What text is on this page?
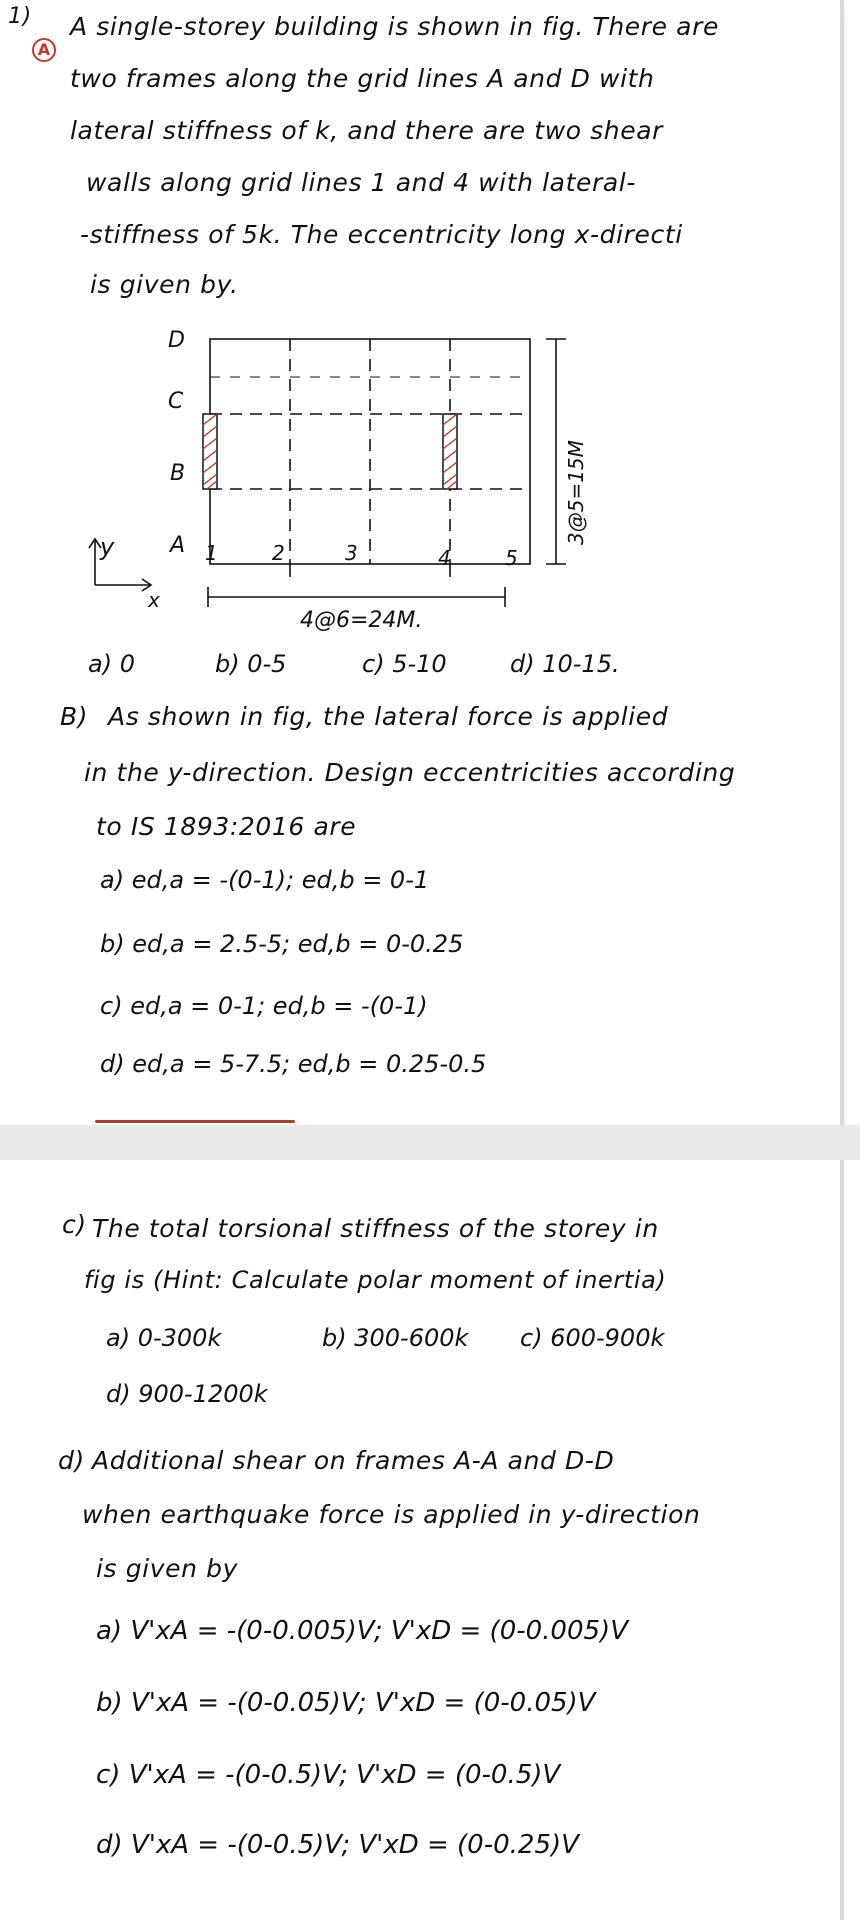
1)
A
A single-storey building is shown in fig. There are
two frames along the grid lines A and D with
lateral stiffness of k, and there are two shear
walls along grid lines 1 and 4 with lateral-
-stiffness of 5k. The eccentricity long x-directi
is given by.
D
C
B
A 1	2	3	4	5
3@5=15M
4@6=24M.
y
x
a) 0	b) 0-5	c) 5-10	d) 10-15.
B) As shown in fig, the lateral force is applied
in the y-direction. Design eccentricities according
to IS 1893:2016 are
a) ed,a = -(0-1); ed,b = 0-1
b) ed,a = 2.5-5; ed,b = 0-0.25
c) ed,a = 0-1; ed,b = -(0-1)
d) ed,a = 5-7.5; ed,b = 0.25-0.5
c) The total torsional stiffness of the storey in
fig is (Hint: Calculate polar moment of inertia)
a) 0-300k	b) 300-600k c) 600-900k
d) 900-1200k
d) Additional shear on frames A-A and D-D
when earthquake force is applied in y-direction
is given by
a) V'xA = -(0-0.005)V; V'xD = (0-0.005)V
b) V'xA = -(0-0.05)V; V'xD = (0-0.05)V
c) V'xA = -(0-0.5)V; V'xD = (0-0.5)V
d) V'xA = -(0-0.5)V; V'xD = (0-0.25)V
